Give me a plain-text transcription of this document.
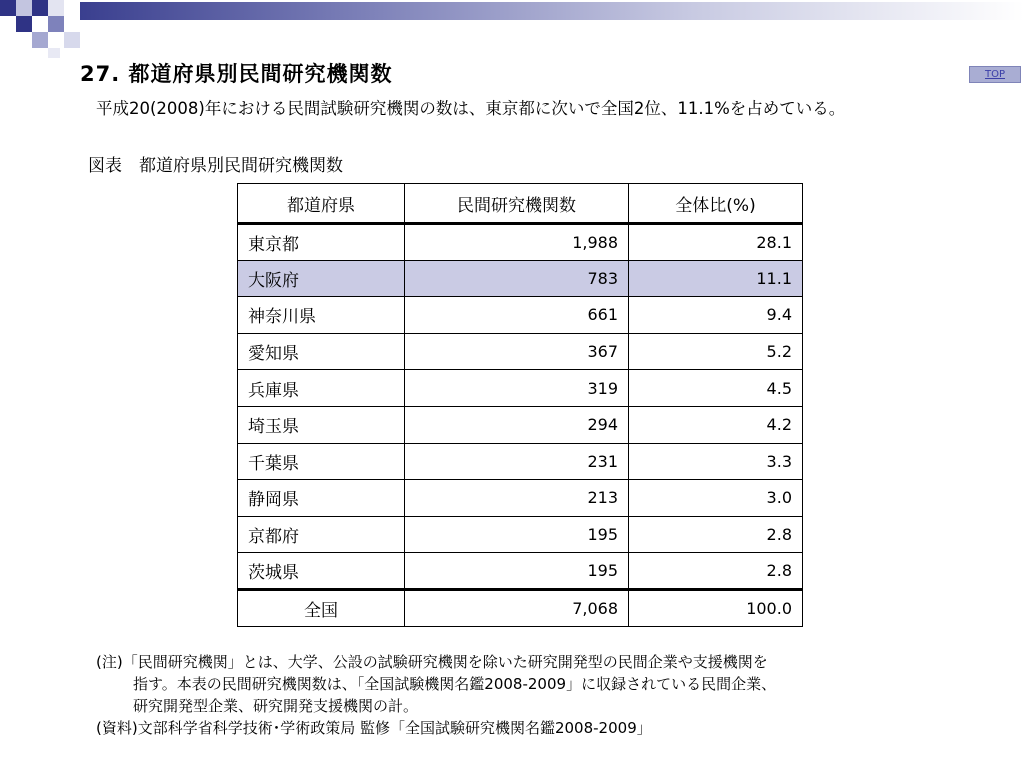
27. 都道府県別民間研究機関数	TOP
平成20(2008)年における民間試験研究機関の数は、東京都に次いで全国2位、11.1%を占めている。
図表　都道府県別民間研究機関数
都道府県	民間研究機関数	全体比(%)
東京都	1,988	28.1
大阪府	783	11.1
神奈川県	661	9.4
愛知県	367	5.2
兵庫県	319	4.5
埼玉県	294	4.2
千葉県	231	3.3
静岡県	213	3.0
京都府	195	2.8
茨城県	195	2.8
全国	7,068	100.0
(注)「民間研究機関」とは、大学、公設の試験研究機関を除いた研究開発型の民間企業や支援機関を
指す。本表の民間研究機関数は、「全国試験機関名鑑2008-2009」に収録されている民間企業、
研究開発型企業、研究開発支援機関の計。
(資料)文部科学省科学技術･学術政策局 監修「全国試験研究機関名鑑2008-2009」
